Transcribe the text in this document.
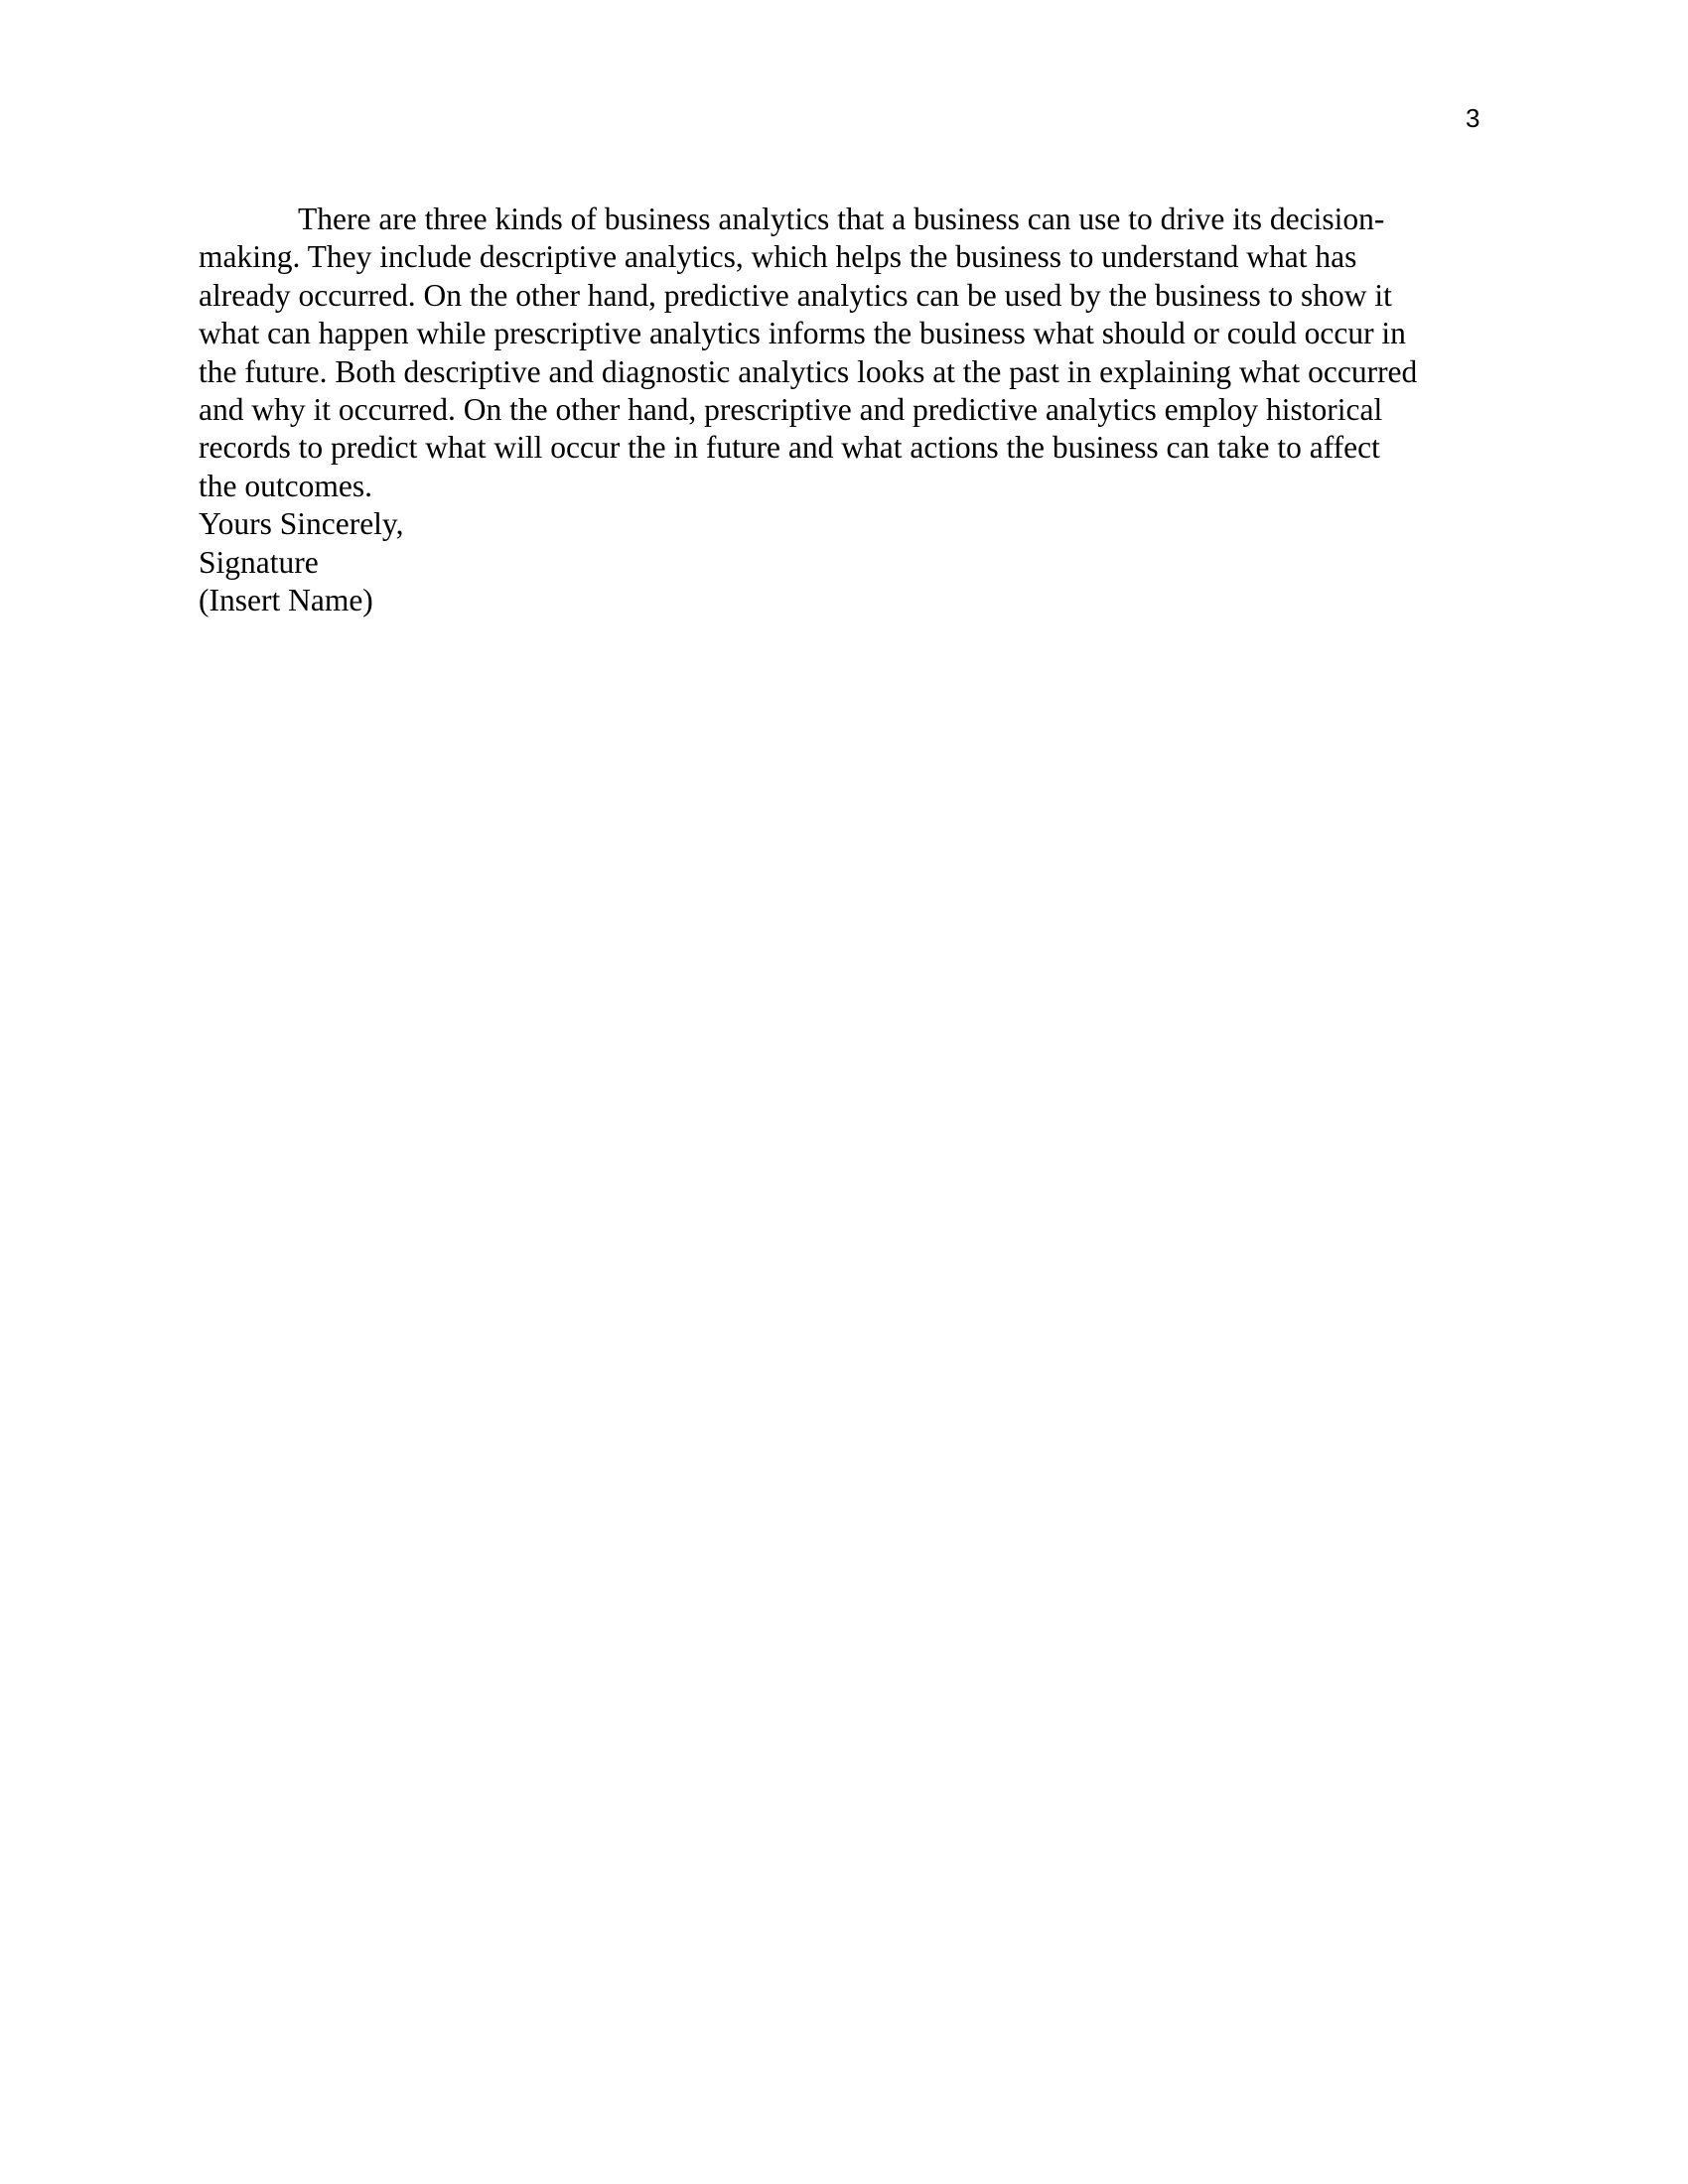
3
There are three kinds of business analytics that a business can use to drive its decision-
making. They include descriptive analytics, which helps the business to understand what has
already occurred. On the other hand, predictive analytics can be used by the business to show it
what can happen while prescriptive analytics informs the business what should or could occur in
the future. Both descriptive and diagnostic analytics looks at the past in explaining what occurred
and why it occurred. On the other hand, prescriptive and predictive analytics employ historical
records to predict what will occur the in future and what actions the business can take to affect
the outcomes.
Yours Sincerely,
Signature
(Insert Name)
